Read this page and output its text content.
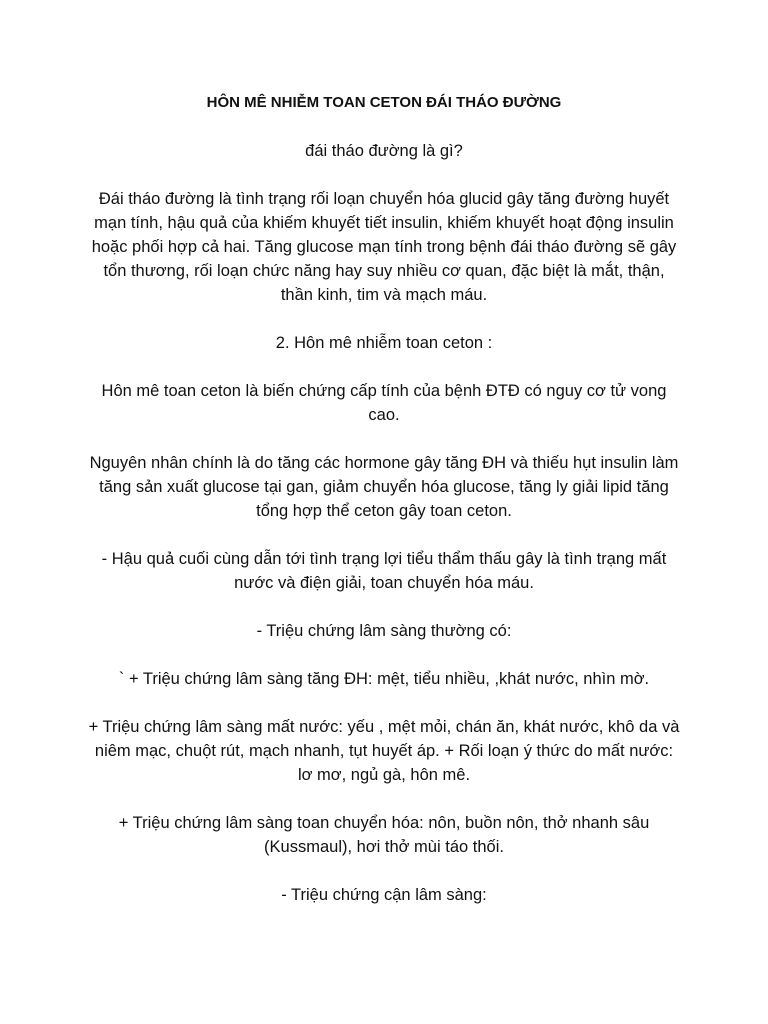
HÔN MÊ NHIỄM TOAN CETON ĐÁI THÁO ĐƯỜNG

đái tháo đường là gì?

Đái tháo đường là tình trạng rối loạn chuyển hóa glucid gây tăng đường huyết mạn tính, hậu quả của khiếm khuyết tiết insulin, khiếm khuyết hoạt động insulin hoặc phối hợp cả hai. Tăng glucose mạn tính trong bệnh đái tháo đường sẽ gây tổn thương, rối loạn chức năng hay suy nhiều cơ quan, đặc biệt là mắt, thận, thần kinh, tim và mạch máu.

2. Hôn mê nhiễm toan ceton :

Hôn mê toan ceton là biến chứng cấp tính của bệnh ĐTĐ có nguy cơ tử vong cao.

Nguyên nhân chính là do tăng các hormone gây tăng ĐH và thiếu hụt insulin làm tăng sản xuất glucose tại gan, giảm chuyển hóa glucose, tăng ly giải lipid tăng tổng hợp thể ceton gây toan ceton.

- Hậu quả cuối cùng dẫn tới tình trạng lợi tiểu thẩm thấu gây là tình trạng mất nước và điện giải, toan chuyển hóa máu.

- Triệu chứng lâm sàng thường có:

` + Triệu chứng lâm sàng tăng ĐH: mệt, tiểu nhiều, ,khát nước, nhìn mờ.

+ Triệu chứng lâm sàng mất nước: yếu , mệt mỏi, chán ăn, khát nước, khô da và niêm mạc, chuột rút, mạch nhanh, tụt huyết áp. + Rối loạn ý thức do mất nước: lơ mơ, ngủ gà, hôn mê.

+ Triệu chứng lâm sàng toan chuyển hóa: nôn, buồn nôn, thở nhanh sâu (Kussmaul), hơi thở mùi táo thối.

- Triệu chứng cận lâm sàng:
